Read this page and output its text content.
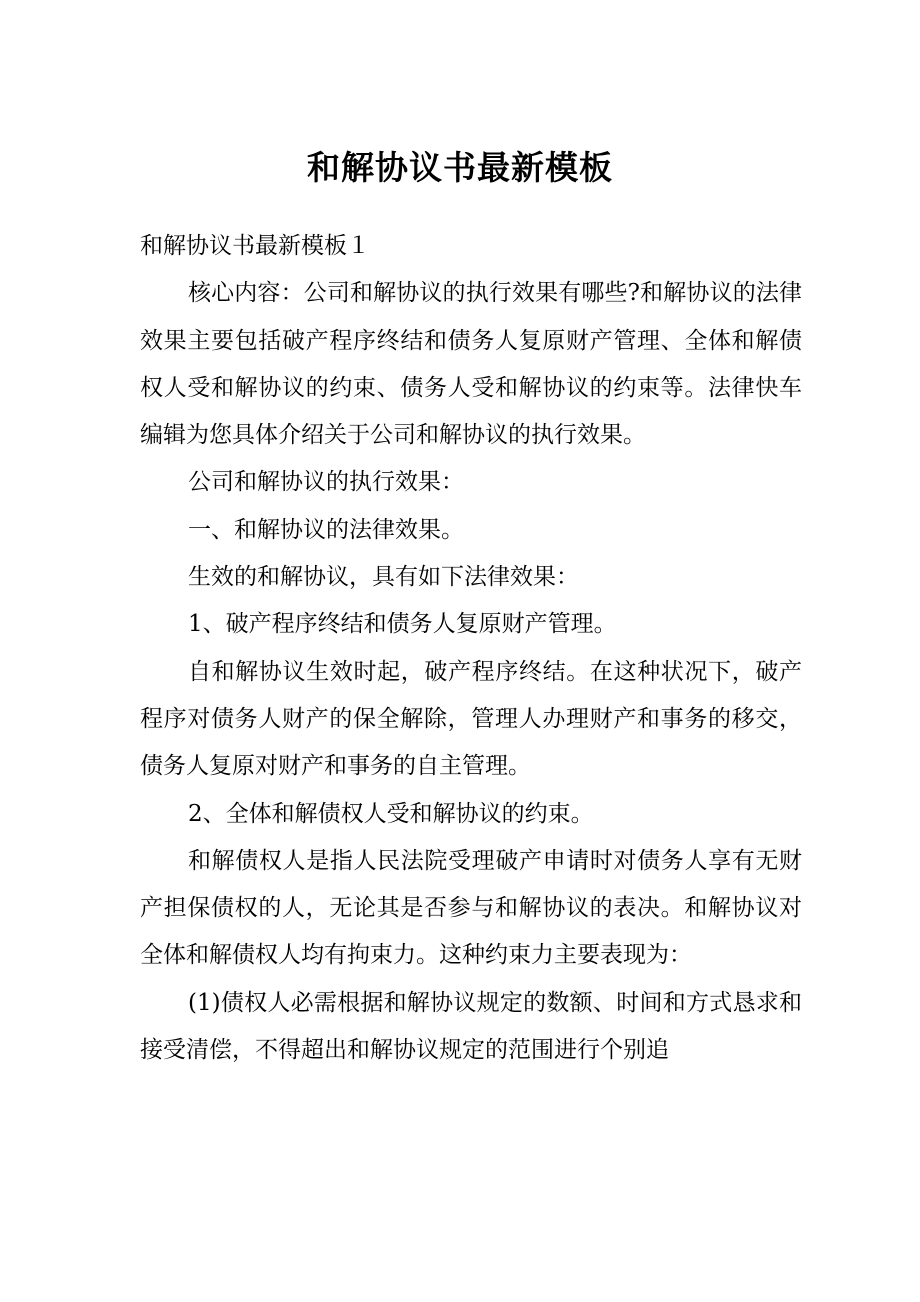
和解协议书最新模板

和解协议书最新模板１

核心内容：公司和解协议的执行效果有哪些?和解协议的法律效果主要包括破产程序终结和债务人复原财产管理、全体和解债权人受和解协议的约束、债务人受和解协议的约束等。法律快车编辑为您具体介绍关于公司和解协议的执行效果。

公司和解协议的执行效果：

一、和解协议的法律效果。

生效的和解协议，具有如下法律效果：

1、破产程序终结和债务人复原财产管理。

自和解协议生效时起，破产程序终结。在这种状况下，破产程序对债务人财产的保全解除，管理人办理财产和事务的移交，债务人复原对财产和事务的自主管理。

2、全体和解债权人受和解协议的约束。

和解债权人是指人民法院受理破产申请时对债务人享有无财产担保债权的人，无论其是否参与和解协议的表决。和解协议对全体和解债权人均有拘束力。这种约束力主要表现为：

(1)债权人必需根据和解协议规定的数额、时间和方式恳求和接受清偿，不得超出和解协议规定的范围进行个别追
